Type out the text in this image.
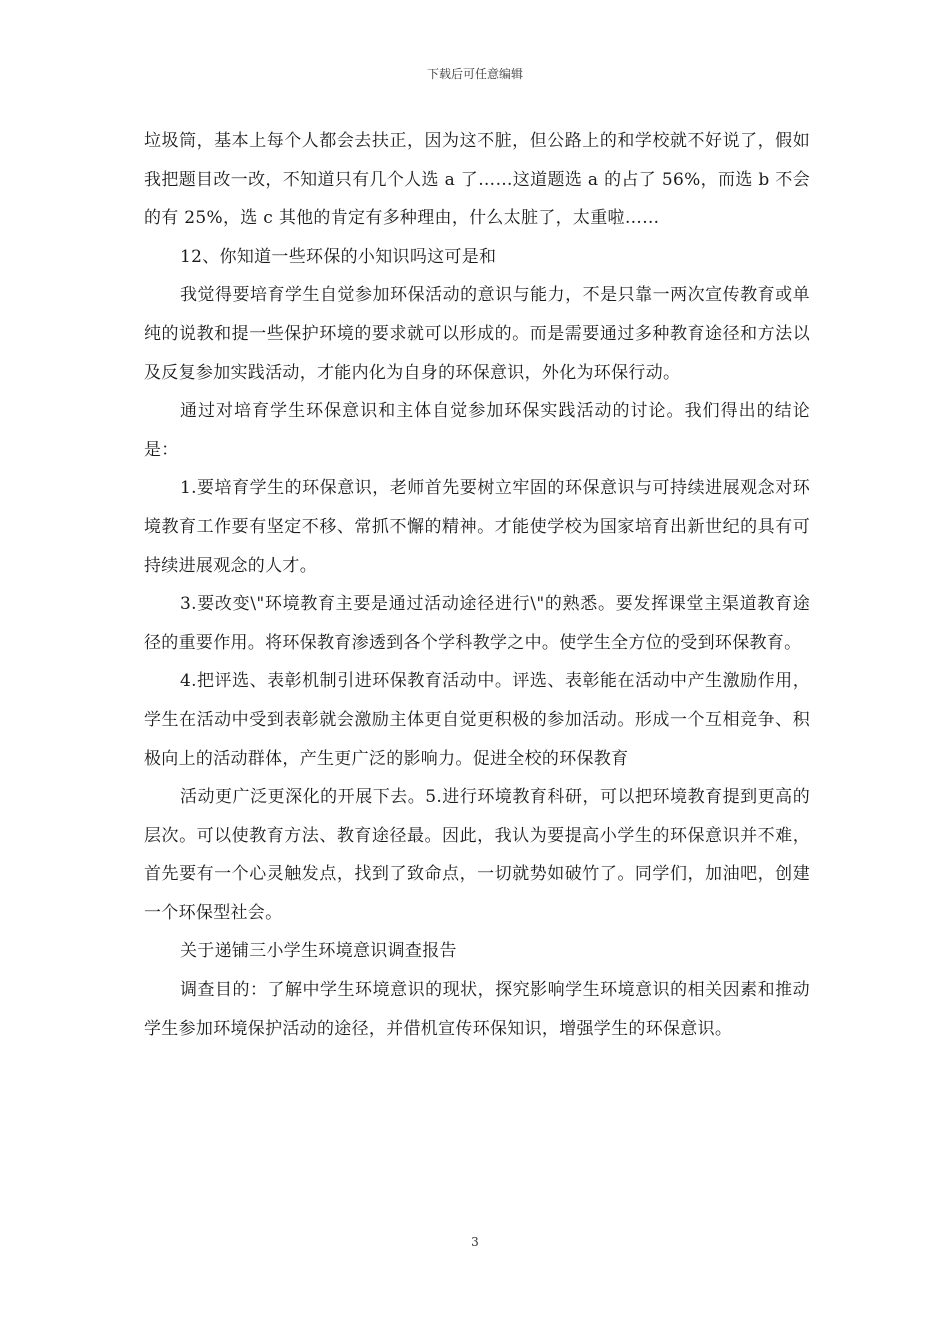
下载后可任意编辑

垃圾筒，基本上每个人都会去扶正，因为这不脏，但公路上的和学校就不好说了，假如我把题目改一改，不知道只有几个人选 a 了……这道题选 a 的占了 56%，而选 b 不会的有 25%，选 c 其他的肯定有多种理由，什么太脏了，太重啦……

12、你知道一些环保的小知识吗这可是和

我觉得要培育学生自觉参加环保活动的意识与能力，不是只靠一两次宣传教育或单纯的说教和提一些保护环境的要求就可以形成的。而是需要通过多种教育途径和方法以及反复参加实践活动，才能内化为自身的环保意识，外化为环保行动。

通过对培育学生环保意识和主体自觉参加环保实践活动的讨论。我们得出的结论是：

1.要培育学生的环保意识，老师首先要树立牢固的环保意识与可持续进展观念对环境教育工作要有坚定不移、常抓不懈的精神。才能使学校为国家培育出新世纪的具有可持续进展观念的人才。

3.要改变\"环境教育主要是通过活动途径进行\"的熟悉。要发挥课堂主渠道教育途径的重要作用。将环保教育渗透到各个学科教学之中。使学生全方位的受到环保教育。

4.把评选、表彰机制引进环保教育活动中。评选、表彰能在活动中产生激励作用，学生在活动中受到表彰就会激励主体更自觉更积极的参加活动。形成一个互相竞争、积极向上的活动群体，产生更广泛的影响力。促进全校的环保教育

活动更广泛更深化的开展下去。5.进行环境教育科研，可以把环境教育提到更高的层次。可以使教育方法、教育途径最。因此，我认为要提高小学生的环保意识并不难，首先要有一个心灵触发点，找到了致命点，一切就势如破竹了。同学们，加油吧，创建一个环保型社会。

关于递铺三小学生环境意识调查报告

调查目的：了解中学生环境意识的现状，探究影响学生环境意识的相关因素和推动学生参加环境保护活动的途径，并借机宣传环保知识，增强学生的环保意识。

3
